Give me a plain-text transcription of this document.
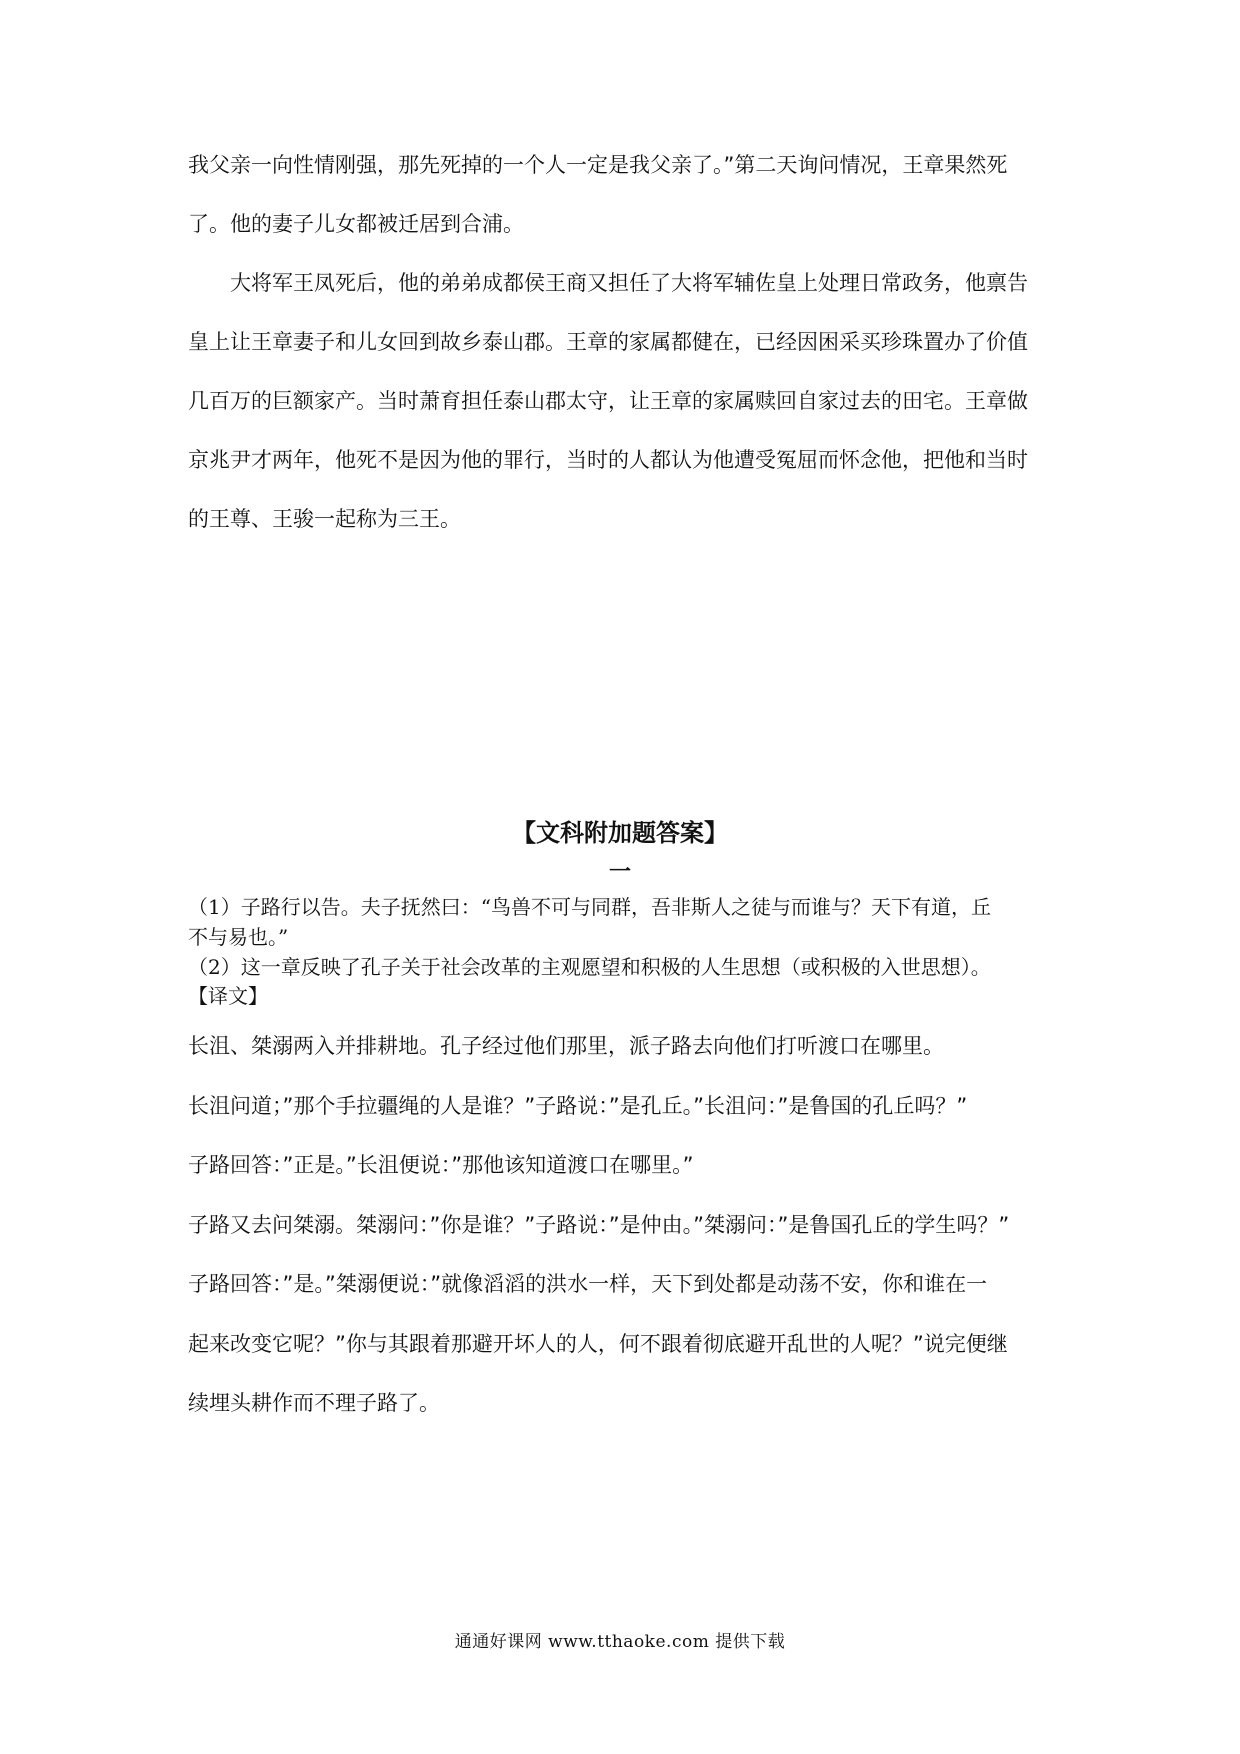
我父亲一向性情刚强，那先死掉的一个人一定是我父亲了。”第二天询问情况，王章果然死
了。他的妻子儿女都被迁居到合浦。
大将军王凤死后，他的弟弟成都侯王商又担任了大将军辅佐皇上处理日常政务，他禀告
皇上让王章妻子和儿女回到故乡泰山郡。王章的家属都健在，已经因困采买珍珠置办了价值
几百万的巨额家产。当时萧育担任泰山郡太守，让王章的家属赎回自家过去的田宅。王章做
京兆尹才两年，他死不是因为他的罪行，当时的人都认为他遭受冤屈而怀念他，把他和当时
的王尊、王骏一起称为三王。
【文科附加题答案】
一
（1）子路行以告。夫子抚然曰：“鸟兽不可与同群，吾非斯人之徒与而谁与？天下有道，丘
不与易也。”
（2）这一章反映了孔子关于社会改革的主观愿望和积极的人生思想（或积极的入世思想）。
【译文】
长沮、桀溺两入并排耕地。孔子经过他们那里，派子路去向他们打听渡口在哪里。
长沮问道；”那个手拉疆绳的人是谁？”子路说：”是孔丘。”长沮问：”是鲁国的孔丘吗？”
子路回答：”正是。”长沮便说：”那他该知道渡口在哪里。”
子路又去问桀溺。桀溺问：”你是谁？”子路说：”是仲由。”桀溺问：”是鲁国孔丘的学生吗？”
子路回答：”是。”桀溺便说：”就像滔滔的洪水一样，天下到处都是动荡不安，你和谁在一
起来改变它呢？”你与其跟着那避开坏人的人，何不跟着彻底避开乱世的人呢？”说完便继
续埋头耕作而不理子路了。
通通好课网 www.tthaoke.com 提供下载
